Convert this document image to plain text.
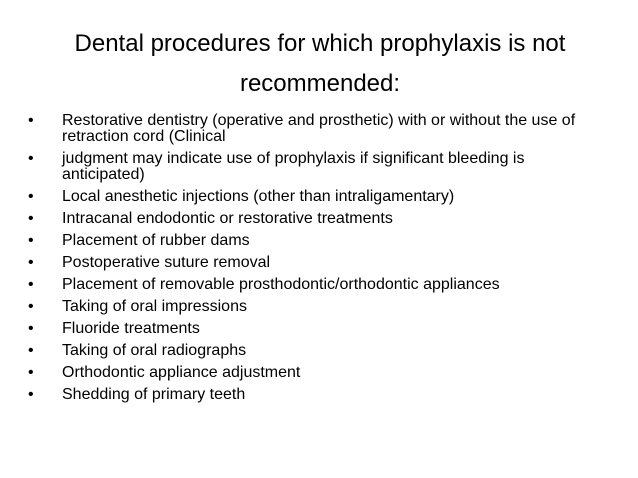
Dental procedures for which prophylaxis is not recommended:
• Restorative dentistry (operative and prosthetic) with or without the use of retraction cord (Clinical
• judgment may indicate use of prophylaxis if significant bleeding is anticipated)
• Local anesthetic injections (other than intraligamentary)
• Intracanal endodontic or restorative treatments
• Placement of rubber dams
• Postoperative suture removal
• Placement of removable prosthodontic/orthodontic appliances
• Taking of oral impressions
• Fluoride treatments
• Taking of oral radiographs
• Orthodontic appliance adjustment
• Shedding of primary teeth
